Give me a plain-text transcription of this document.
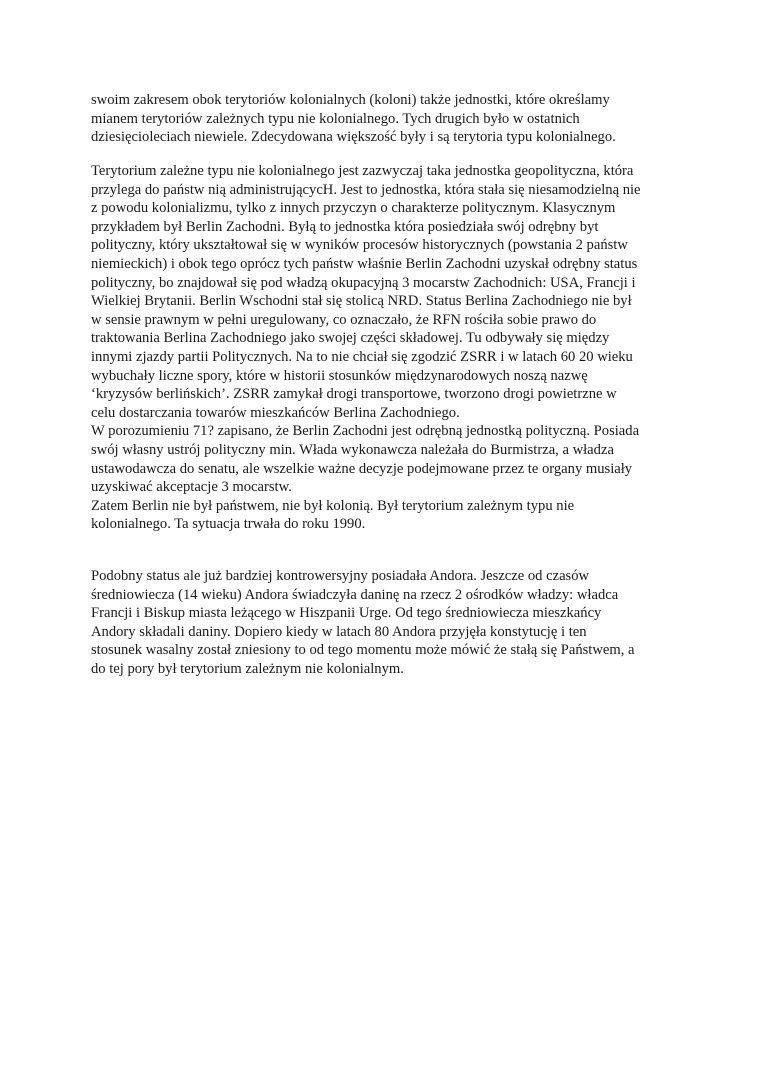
swoim zakresem obok terytoriów kolonialnych (koloni) także jednostki, które określamy
mianem terytoriów zależnych typu nie kolonialnego. Tych drugich było w ostatnich
dziesięcioleciach niewiele. Zdecydowana większość były i są terytoria typu kolonialnego.
Terytorium zależne typu nie kolonialnego jest zazwyczaj taka jednostka geopolityczna, która
przylega do państw nią administrującycH. Jest to jednostka, która stała się niesamodzielną nie
z powodu kolonializmu, tylko z innych przyczyn o charakterze politycznym. Klasycznym
przykładem był Berlin Zachodni. Byłą to jednostka która posiedziała swój odrębny byt
polityczny, który ukształtował się w wyników procesów historycznych (powstania 2 państw
niemieckich) i obok tego oprócz tych państw właśnie Berlin Zachodni uzyskał odrębny status
polityczny, bo znajdował się pod władzą okupacyjną 3 mocarstw Zachodnich: USA, Francji i
Wielkiej Brytanii. Berlin Wschodni stał się stolicą NRD. Status Berlina Zachodniego nie był
w sensie prawnym w pełni uregulowany, co oznaczało, że RFN rościła sobie prawo do
traktowania Berlina Zachodniego jako swojej części składowej. Tu odbywały się między
innymi zjazdy partii Politycznych. Na to nie chciał się zgodzić ZSRR i w latach 60 20 wieku
wybuchały liczne spory, które w historii stosunków międzynarodowych noszą nazwę
‘kryzysów berlińskich’. ZSRR zamykał drogi transportowe, tworzono drogi powietrzne w
celu dostarczania towarów mieszkańców Berlina Zachodniego.
W porozumieniu 71? zapisano, że Berlin Zachodni jest odrębną jednostką polityczną. Posiada
swój własny ustrój polityczny min. Włada wykonawcza należała do Burmistrza, a władza
ustawodawcza do senatu, ale wszelkie ważne decyzje podejmowane przez te organy musiały
uzyskiwać akceptacje 3 mocarstw.
Zatem Berlin nie był państwem, nie był kolonią. Był terytorium zależnym typu nie
kolonialnego. Ta sytuacja trwała do roku 1990.
Podobny status ale już bardziej kontrowersyjny posiadała Andora. Jeszcze od czasów
średniowiecza (14 wieku) Andora świadczyła daninę na rzecz 2 ośrodków władzy: władca
Francji i Biskup miasta leżącego w Hiszpanii Urge. Od tego średniowiecza mieszkańcy
Andory składali daniny. Dopiero kiedy w latach 80 Andora przyjęła konstytucję i ten
stosunek wasalny został zniesiony to od tego momentu może mówić że stałą się Państwem, a
do tej pory był terytorium zależnym nie kolonialnym.
